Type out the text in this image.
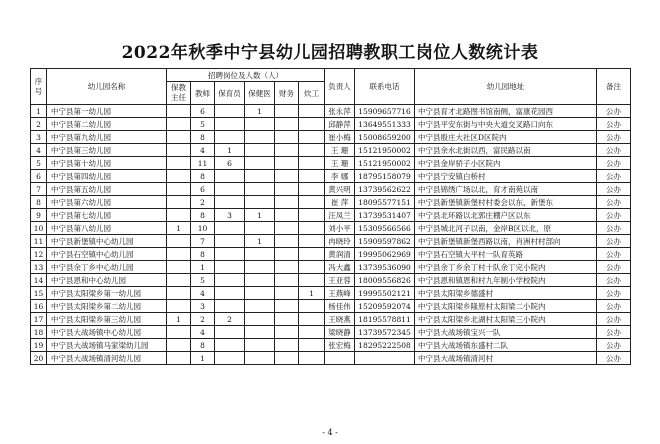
2022年秋季中宁县幼儿园招聘教职工岗位人数统计表
序号	幼儿园名称	招聘岗位及人数（人）						负责人	联系电话	幼儿园地址	备注
		保教主任	教师	保育员	保健医	财务	炊工				
1	中宁县第一幼儿园		6		1			张永萍	15909657716	中宁县育才北路图书馆南侧，富康花园西	公办
2	中宁县第二幼儿园		5					邱静萍	13649551333	中宁县平安东街与中央大道交叉路口向东	公办
3	中宁县第九幼儿园		8					崔小梅	15008659200	中宁县殷庄大社区D区院内	公办
4	中宁县第三幼儿园		4	1				王 珊	15121950002	中宁县余水北街以西，富民路以南	公办
5	中宁县第十幼儿园		11	6				王 珊	15121950002	中宁县金岸骄子小区院内	公办
6	中宁县第四幼儿园		8					李 娜	18795158079	中宁县宁安镇白桥村	公办
7	中宁县第五幼儿园		6					黄兴明	13739562622	中宁县锦绣广场以北，育才南苑以南	公办
8	中宁县第六幼儿园		2					崔 萍	18095577151	中宁县新堡镇新堡村村委会以东，新堡东	公办
9	中宁县第七幼儿园		8	3	1			汪凤兰	13739531407	中宁县北环路以北郭庄棚户区以东	公办
10	中宁县第八幼儿园	1	10					刘小平	15309566566	中宁县城北河子以南，金岸B区以北，原	公办
11	中宁县新堡镇中心幼儿园		7		1			冉晓玲	15909597862	中宁县新堡镇新堡西路以南，肖洲村村部向	公办
12	中宁县石空镇中心幼儿园		8					黄润清	19995062969	中宁县石空镇大平村一队育英路	公办
13	中宁县余丁乡中心幼儿园		1					冯大鑫	13739536090	中宁县余丁乡余丁村十队余丁完小院内	公办
14	中宁县恩和中心幼儿园		5					王亚蓉	18009556826	中宁县恩和镇恩和村九年制小学校院内	公办
15	中宁县太阳梁乡第一幼儿园		4				1	王燕峰	19995502121	中宁县太阳梁乡德盛村	公办
16	中宁县太阳梁乡第二幼儿园		3					杨佳伟	15209592074	中宁县太阳梁乡隆原村太阳梁二小院内	公办
17	中宁县太阳梁乡第三幼儿园	1	2	2				王晓燕	18195578811	中宁县太阳梁乡北湖村太阳梁三小院内	公办
18	中宁县大战场镇中心幼儿园		4					梁晓静	13739572345	中宁县大战场镇宝兴一队	公办
19	中宁县大战场镇马家梁幼儿园		8					张宏梅	18295222508	中宁县大战场镇东盛村二队	公办
20	中宁县大战场镇清河幼儿园		1							中宁县大战场镇清河村	公办
- 4 -
